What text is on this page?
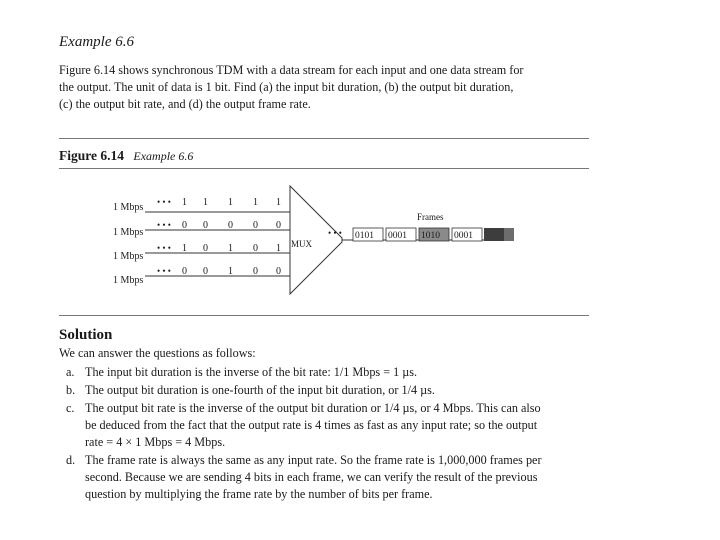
Example 6.6
Figure 6.14 shows synchronous TDM with a data stream for each input and one data stream for
the output. The unit of data is 1 bit. Find (a) the input bit duration, (b) the output bit duration,
(c) the output bit rate, and (d) the output frame rate.
Figure 6.14 Example 6.6
1 Mbps • • • 1 1 1 1 1
1 Mbps
• • • 0 0 0 0 0
1 Mbps
• • • 1 0 1 0 1
1 Mbps
• • • 0 0 1 0 0
MUX
• • •
Frames
0101 0001 1010 0001
Solution
We can answer the questions as follows:
a. The input bit duration is the inverse of the bit rate: 1/1 Mbps = 1 µs.
b. The output bit duration is one-fourth of the input bit duration, or 1/4 µs.
c. The output bit rate is the inverse of the output bit duration or 1/4 µs, or 4 Mbps. This can also
be deduced from the fact that the output rate is 4 times as fast as any input rate; so the output
rate = 4 × 1 Mbps = 4 Mbps.
d. The frame rate is always the same as any input rate. So the frame rate is 1,000,000 frames per
second. Because we are sending 4 bits in each frame, we can verify the result of the previous
question by multiplying the frame rate by the number of bits per frame.
